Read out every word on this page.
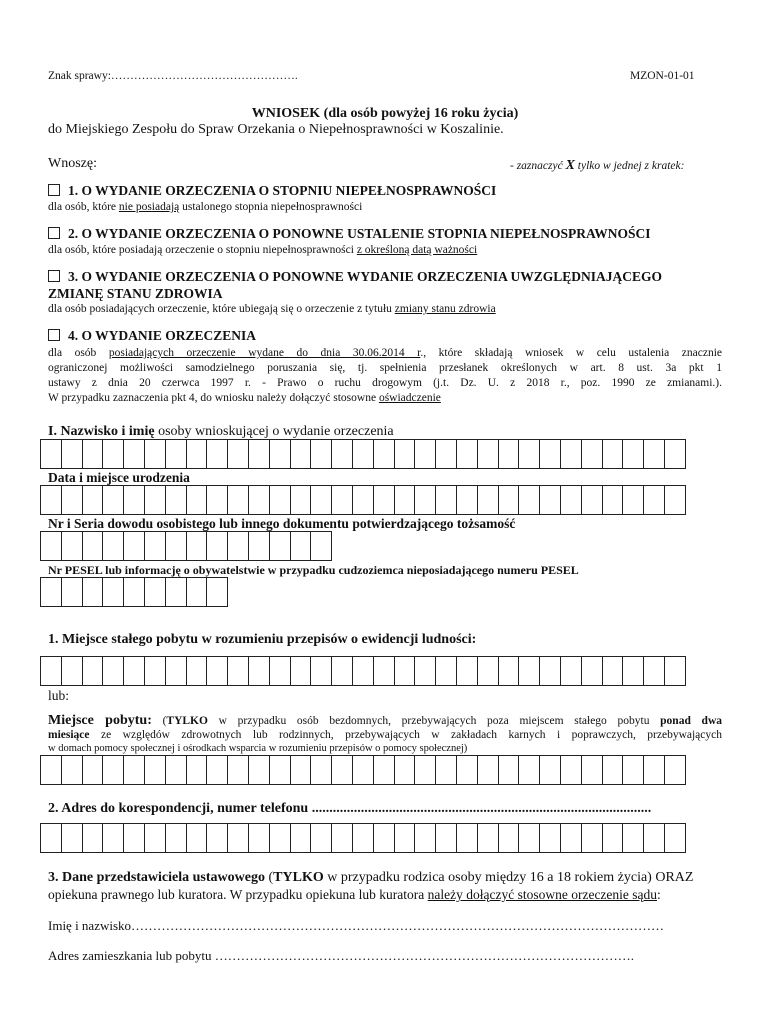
Znak sprawy:………………………………………….	MZON-01-01
WNIOSEK (dla osób powyżej 16 roku życia)
do Miejskiego Zespołu do Spraw Orzekania o Niepełnosprawności w Koszalinie.
Wnoszę:	- zaznaczyć X tylko w jednej z kratek:
1. O WYDANIE ORZECZENIA O STOPNIU NIEPEŁNOSPRAWNOŚCI
dla osób, które nie posiadają ustalonego stopnia niepełnosprawności
2. O WYDANIE ORZECZENIA O PONOWNE USTALENIE STOPNIA NIEPEŁNOSPRAWNOŚCI
dla osób, które posiadają orzeczenie o stopniu niepełnosprawności z określoną datą ważności
3. O WYDANIE ORZECZENIA O PONOWNE WYDANIE ORZECZENIA UWZGLĘDNIAJĄCEGO
ZMIANĘ STANU ZDROWIA
dla osób posiadających orzeczenie, które ubiegają się o orzeczenie z tytułu zmiany stanu zdrowia
4. O WYDANIE ORZECZENIA
dla osób posiadających orzeczenie wydane do dnia 30.06.2014 r., które składają wniosek w celu ustalenia znacznie
ograniczonej możliwości samodzielnego poruszania się, tj. spełnienia przesłanek określonych w art. 8 ust. 3a pkt 1
ustawy z dnia 20 czerwca 1997 r. - Prawo o ruchu drogowym (j.t. Dz. U. z 2018 r., poz. 1990 ze zmianami.).
W przypadku zaznaczenia pkt 4, do wniosku należy dołączyć stosowne oświadczenie
I. Nazwisko i imię osoby wnioskującej o wydanie orzeczenia
Data i miejsce urodzenia
Nr i Seria dowodu osobistego lub innego dokumentu potwierdzającego tożsamość
Nr PESEL lub informację o obywatelstwie w przypadku cudzoziemca nieposiadającego numeru PESEL
1. Miejsce stałego pobytu w rozumieniu przepisów o ewidencji ludności:
lub:
Miejsce pobytu: (TYLKO w przypadku osób bezdomnych, przebywających poza miejscem stałego pobytu ponad dwa
miesiące ze względów zdrowotnych lub rodzinnych, przebywających w zakładach karnych i poprawczych, przebywających
w domach pomocy społecznej i ośrodkach wsparcia w rozumieniu przepisów o pomocy społecznej)
2. Adres do korespondencji, numer telefonu .................................................................................................
3. Dane przedstawiciela ustawowego (TYLKO w przypadku rodzica osoby między 16 a 18 rokiem życia) ORAZ
opiekuna prawnego lub kuratora. W przypadku opiekuna lub kuratora należy dołączyć stosowne orzeczenie sądu:
Imię i nazwisko……………………………………………………………………………………………………………
Adres zamieszkania lub pobytu …………………………………………………………………………………….
